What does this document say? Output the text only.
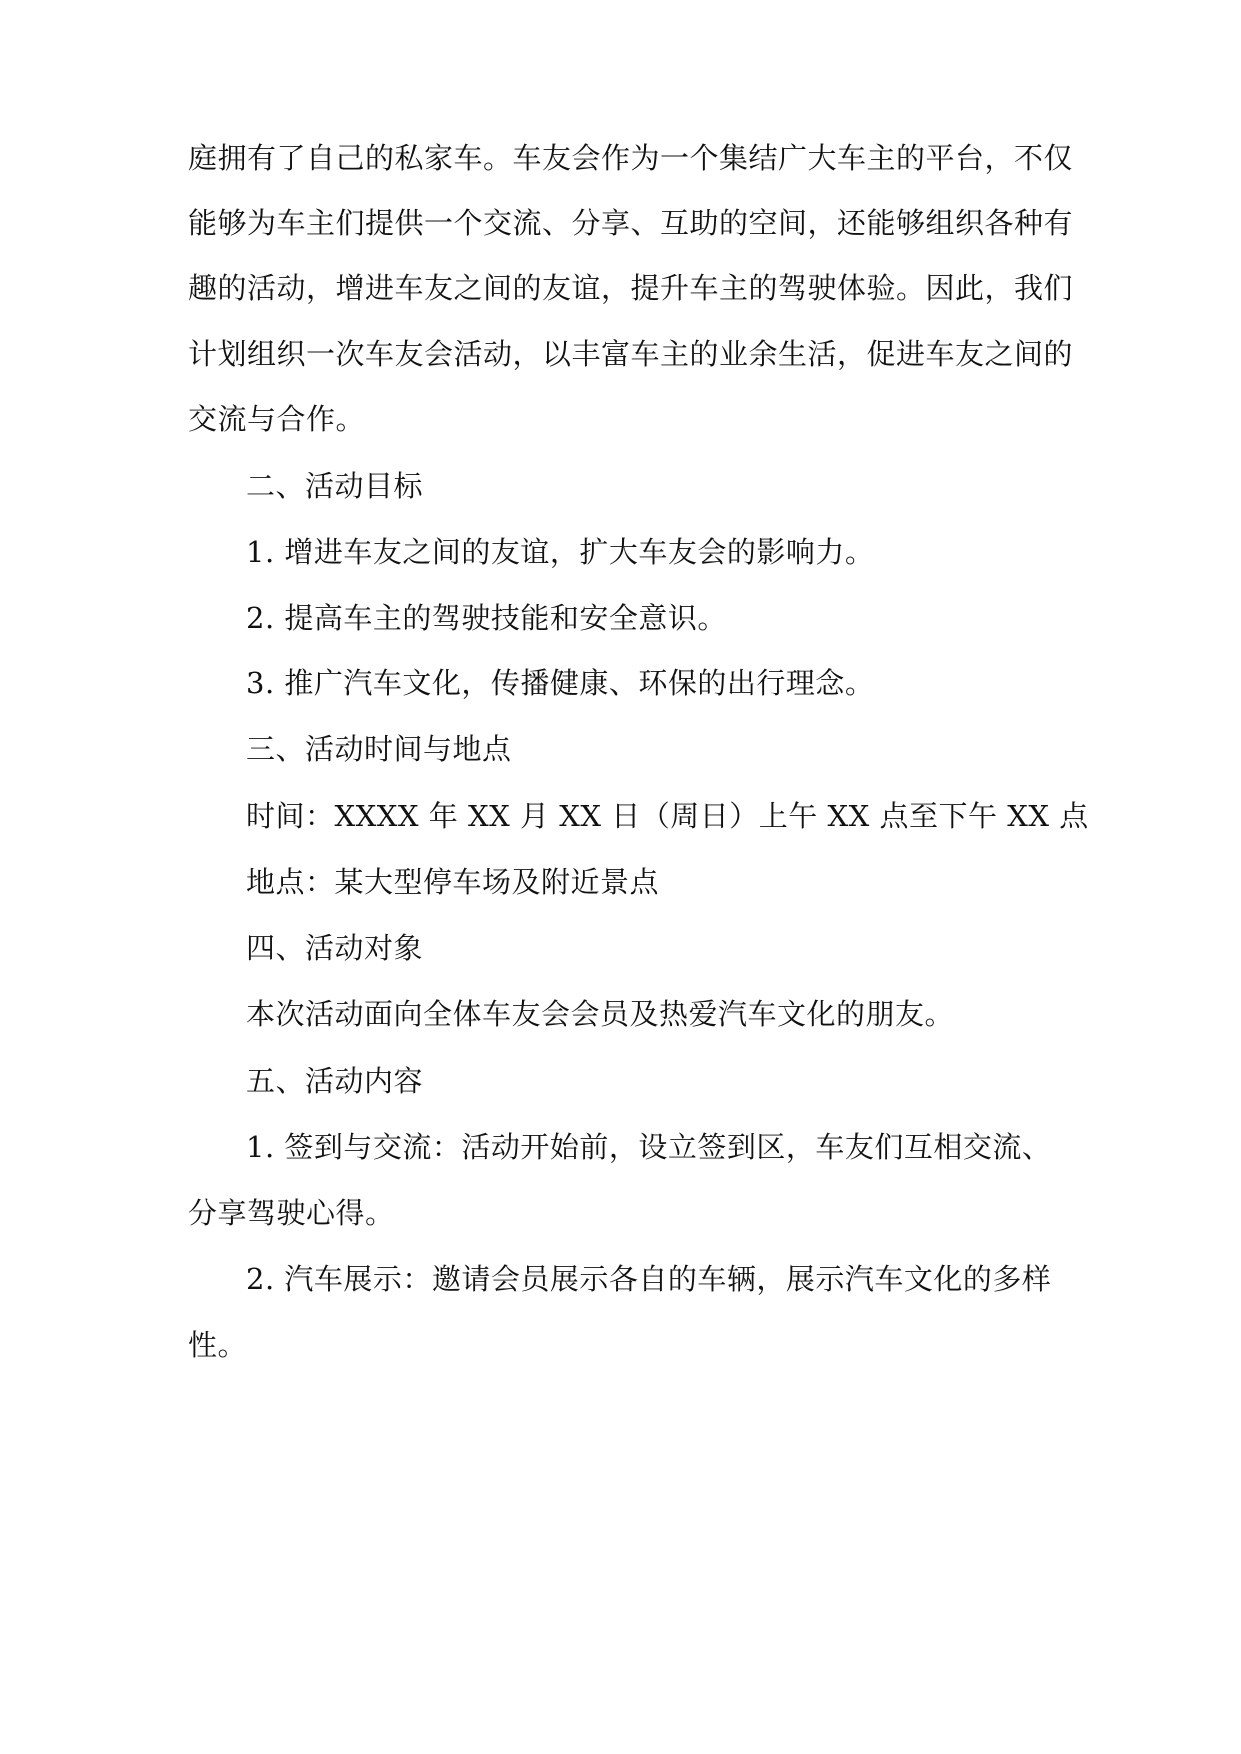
庭拥有了自己的私家车。车友会作为一个集结广大车主的平台，不仅
能够为车主们提供一个交流、分享、互助的空间，还能够组织各种有
趣的活动，增进车友之间的友谊，提升车主的驾驶体验。因此，我们
计划组织一次车友会活动，以丰富车主的业余生活，促进车友之间的
交流与合作。
二、活动目标
1. 增进车友之间的友谊，扩大车友会的影响力。
2. 提高车主的驾驶技能和安全意识。
3. 推广汽车文化，传播健康、环保的出行理念。
三、活动时间与地点
时间：XXXX 年 XX 月 XX 日（周日）上午 XX 点至下午 XX 点
地点：某大型停车场及附近景点
四、活动对象
本次活动面向全体车友会会员及热爱汽车文化的朋友。
五、活动内容
1. 签到与交流：活动开始前，设立签到区，车友们互相交流、
分享驾驶心得。
2. 汽车展示：邀请会员展示各自的车辆，展示汽车文化的多样
性。
